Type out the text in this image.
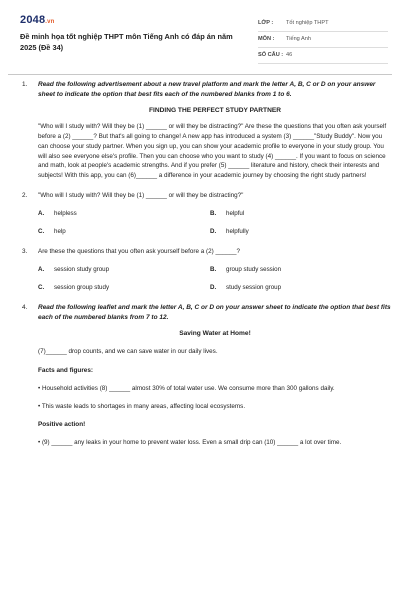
2048.vn
Đề minh họa tốt nghiệp THPT môn Tiếng Anh có đáp án năm 2025 (Đề 34)
LỚP :	Tốt nghiệp THPT
MÔN :	Tiếng Anh
SỐ CÂU : 46
1. Read the following advertisement about a new travel platform and mark the letter A, B, C or D on your answer sheet to indicate the option that best fits each of the numbered blanks from 1 to 6.
FINDING THE PERFECT STUDY PARTNER
"Who will I study with? Will they be (1) ______ or will they be distracting?" Are these the questions that you often ask yourself before a (2) ______? But that's all going to change! A new app has introduced a system (3) ______"Study Buddy". Now you can choose your study partner. When you sign up, you can show your academic profile to everyone in your study group. You will also see everyone else's profile. Then you can choose who you want to study (4) ______. If you want to focus on science and math, look at people's academic strengths. And if you prefer (5) ______ literature and history, check their interests and subjects! With this app, you can (6)______ a difference in your academic journey by choosing the right study partners!
2. "Who will I study with? Will they be (1) ______ or will they be distracting?"
A.	helpless	B.	helpful
C.	help	D.	helpfully
3. Are these the questions that you often ask yourself before a (2) ______?
A.	session study group	B.	group study session
C.	session group study	D.	study session group
4. Read the following leaflet and mark the letter A, B, C or D on your answer sheet to indicate the option that best fits each of the numbered blanks from 7 to 12.
Saving Water at Home!
(7)______ drop counts, and we can save water in our daily lives.
Facts and figures:
• Household activities (8) ______ almost 30% of total water use. We consume more than 300 gallons daily.
• This waste leads to shortages in many areas, affecting local ecosystems.
Positive action!
• (9) ______ any leaks in your home to prevent water loss. Even a small drip can (10) ______ a lot over time.
